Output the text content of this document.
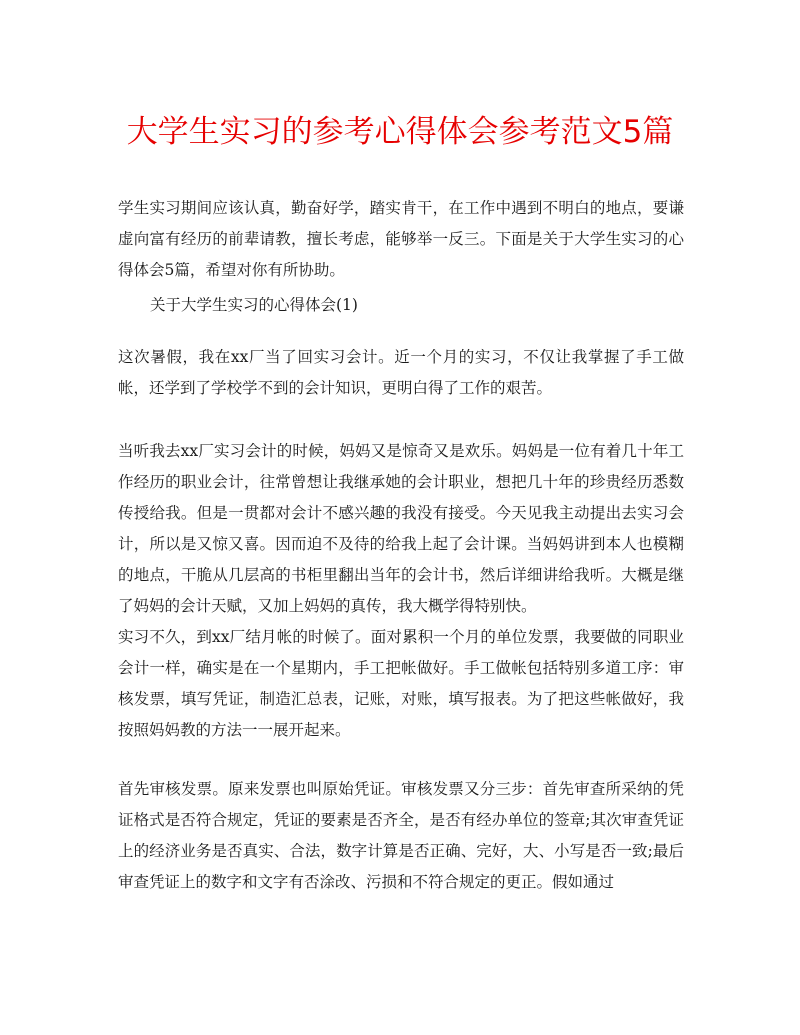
大学生实习的参考心得体会参考范文5篇
学生实习期间应该认真，勤奋好学，踏实肯干，在工作中遇到不明白的地点，要谦虚向富有经历的前辈请教，擅长考虑，能够举一反三。下面是关于大学生实习的心得体会5篇，希望对你有所协助。
关于大学生实习的心得体会(1)
这次暑假，我在xx厂当了回实习会计。近一个月的实习，不仅让我掌握了手工做帐，还学到了学校学不到的会计知识，更明白得了工作的艰苦。
当听我去xx厂实习会计的时候，妈妈又是惊奇又是欢乐。妈妈是一位有着几十年工作经历的职业会计，往常曾想让我继承她的会计职业，想把几十年的珍贵经历悉数传授给我。但是一贯都对会计不感兴趣的我没有接受。今天见我主动提出去实习会计，所以是又惊又喜。因而迫不及待的给我上起了会计课。当妈妈讲到本人也模糊的地点，干脆从几层高的书柜里翻出当年的会计书，然后详细讲给我听。大概是继了妈妈的会计天赋，又加上妈妈的真传，我大概学得特别快。
实习不久，到xx厂结月帐的时候了。面对累积一个月的单位发票，我要做的同职业会计一样，确实是在一个星期内，手工把帐做好。手工做帐包括特别多道工序：审核发票，填写凭证，制造汇总表，记账，对账，填写报表。为了把这些帐做好，我按照妈妈教的方法一一展开起来。
首先审核发票。原来发票也叫原始凭证。审核发票又分三步：首先审查所采纳的凭证格式是否符合规定，凭证的要素是否齐全，是否有经办单位的签章;其次审查凭证上的经济业务是否真实、合法，数字计算是否正确、完好，大、小写是否一致;最后审查凭证上的数字和文字有否涂改、污损和不符合规定的更正。假如通过
